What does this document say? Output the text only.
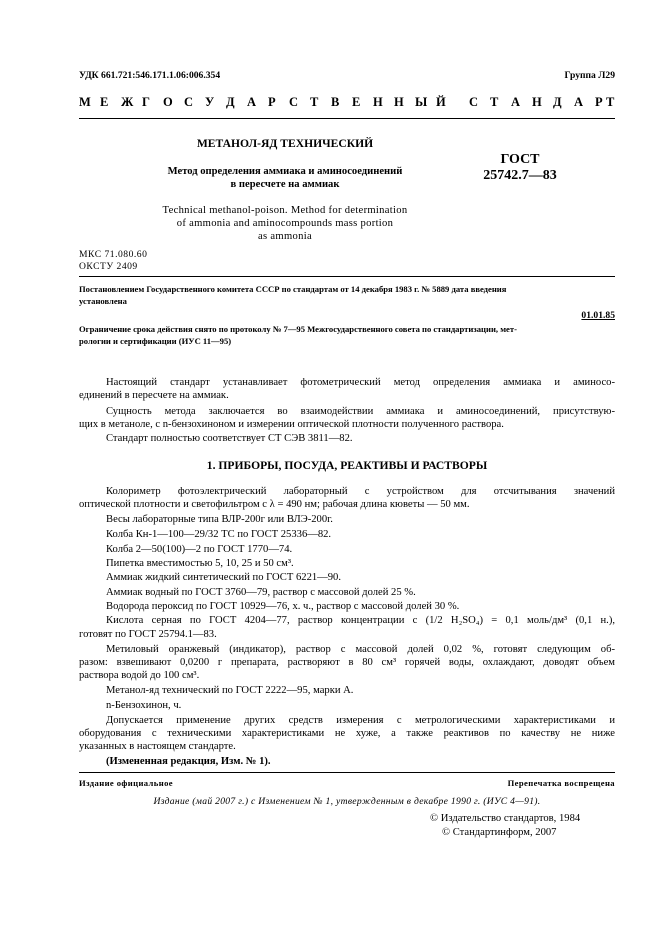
УДК 661.721:546.171.1.06:006.354	Группа Л29
М Е Ж Г О С У Д А Р С Т В Е Н Н Ы Й С Т А Н Д А Р Т
МЕТАНОЛ-ЯД ТЕХНИЧЕСКИЙ
Метод определения аммиака и аминосоединений
в пересчете на аммиак
Technical methanol-poison. Method for determination
of ammonia and aminocompounds mass portion
as ammonia
ГОСТ
25742.7—83
МКС 71.080.60
ОКСТУ 2409
Постановлением Государственного комитета СССР по стандартам от 14 декабря 1983 г. № 5889 дата введения
установлена
01.01.85
Ограничение срока действия снято по протоколу № 7—95 Межгосударственного совета по стандартизации, мет-
рологии и сертификации (ИУС 11—95)
Настоящий стандарт устанавливает фотометрический метод определения аммиака и аминосо-
единений в пересчете на аммиак.
Сущность метода заключается во взаимодействии аммиака и аминосоединений, присутствую-
щих в метаноле, с n-бензохиноном и измерении оптической плотности полученного раствора.
Стандарт полностью соответствует СТ СЭВ 3811—82.
1. ПРИБОРЫ, ПОСУДА, РЕАКТИВЫ И РАСТВОРЫ
Колориметр фотоэлектрический лабораторный с устройством для отсчитывания значений
оптической плотности и светофильтром с λ = 490 нм; рабочая длина кюветы — 50 мм.
Весы лабораторные типа ВЛР-200г или ВЛЭ-200г.
Колба Кн-1—100—29/32 ТС по ГОСТ 25336—82.
Колба 2—50(100)—2 по ГОСТ 1770—74.
Пипетка вместимостью 5, 10, 25 и 50 см³.
Аммиак жидкий синтетический по ГОСТ 6221—90.
Аммиак водный по ГОСТ 3760—79, раствор с массовой долей 25 %.
Водорода пероксид по ГОСТ 10929—76, х. ч., раствор с массовой долей 30 %.
Кислота серная по ГОСТ 4204—77, раствор концентрации c (1/2 H₂SO₄) = 0,1 моль/дм³ (0,1 н.),
готовят по ГОСТ 25794.1—83.
Метиловый оранжевый (индикатор), раствор с массовой долей 0,02 %, готовят следующим об-
разом: взвешивают 0,0200 г препарата, растворяют в 80 см³ горячей воды, охлаждают, доводят объем
раствора водой до 100 см³.
Метанол-яд технический по ГОСТ 2222—95, марки А.
n-Бензохинон, ч.
Допускается применение других средств измерения с метрологическими характеристиками и
оборудования с техническими характеристиками не хуже, а также реактивов по качеству не ниже
указанных в настоящем стандарте.
(Измененная редакция, Изм. № 1).
Издание официальное	Перепечатка воспрещена
Издание (май 2007 г.) с Изменением № 1, утвержденным в декабре 1990 г. (ИУС 4—91).
© Издательство стандартов, 1984
© Стандартинформ, 2007
